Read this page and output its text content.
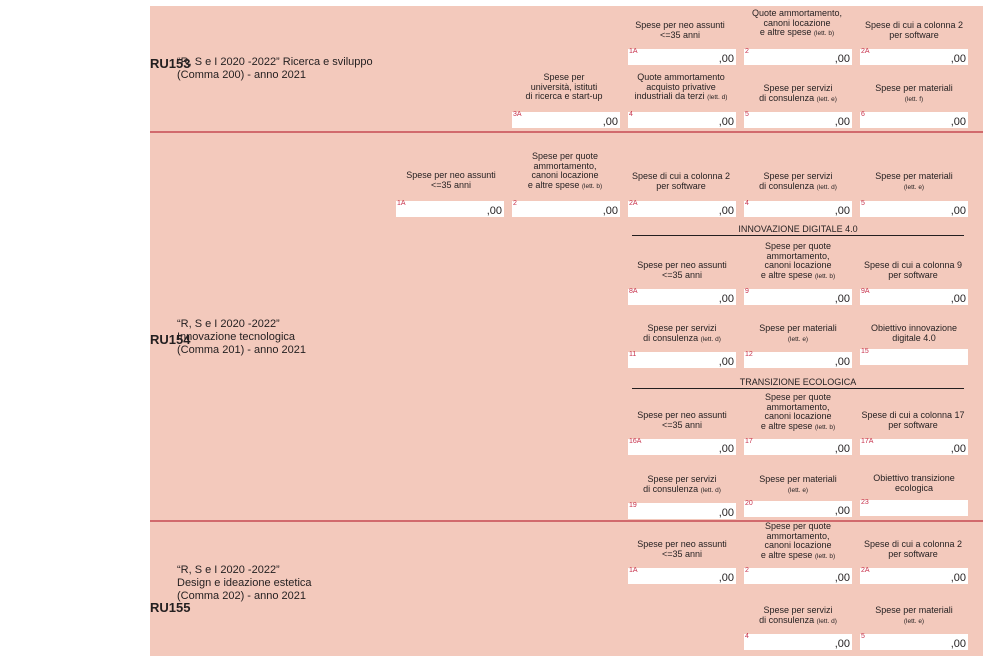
RU153
“R, S e I 2020 -2022” Ricerca e sviluppo
(Comma 200) - anno 2021
Spese per neo assunti
<=35 anni
1A
,00
Quote ammortamento,
canoni locazione
e altre spese (lett. b)
2
,00
Spese di cui a colonna 2
per software
2A
,00
Spese per
università, istituti
di ricerca e start-up
3A
,00
Quote ammortamento
acquisto privative
industriali da terzi (lett. d)
4
,00
Spese per servizi
di consulenza (lett. e)
5
,00
Spese per materiali
(lett. f)
6
,00
Spese per neo assunti
<=35 anni
1A
,00
Spese per quote
ammortamento,
canoni locazione
e altre spese (lett. b)
2
,00
Spese di cui a colonna 2
per software
2A
,00
Spese per servizi
di consulenza (lett. d)
4
,00
Spese per materiali
(lett. e)
5
,00
INNOVAZIONE DIGITALE 4.0
Spese per neo assunti
<=35 anni
8A
,00
Spese per quote
ammortamento,
canoni locazione
e altre spese (lett. b)
9
,00
Spese di cui a colonna 9
per software
9A
,00
Spese per servizi
di consulenza (lett. d)
11
,00
Spese per materiali
(lett. e)
12
,00
Obiettivo innovazione
digitale 4.0
15
RU154
“R, S e I 2020 -2022”
Innovazione tecnologica
(Comma 201) - anno 2021
TRANSIZIONE ECOLOGICA
Spese per neo assunti
<=35 anni
16A
,00
Spese per quote
ammortamento,
canoni locazione
e altre spese (lett. b)
17
,00
Spese di cui a colonna 17
per software
17A
,00
Spese per servizi
di consulenza (lett. d)
19
,00
Spese per materiali
(lett. e)
20
,00
Obiettivo transizione
ecologica
23
Spese per neo assunti
<=35 anni
1A
,00
Spese per quote
ammortamento,
canoni locazione
e altre spese (lett. b)
2
,00
Spese di cui a colonna 2
per software
2A
,00
RU155
“R, S e I 2020 -2022”
Design e ideazione estetica
(Comma 202) - anno 2021
Spese per servizi
di consulenza (lett. d)
4
,00
Spese per materiali
(lett. e)
5
,00
